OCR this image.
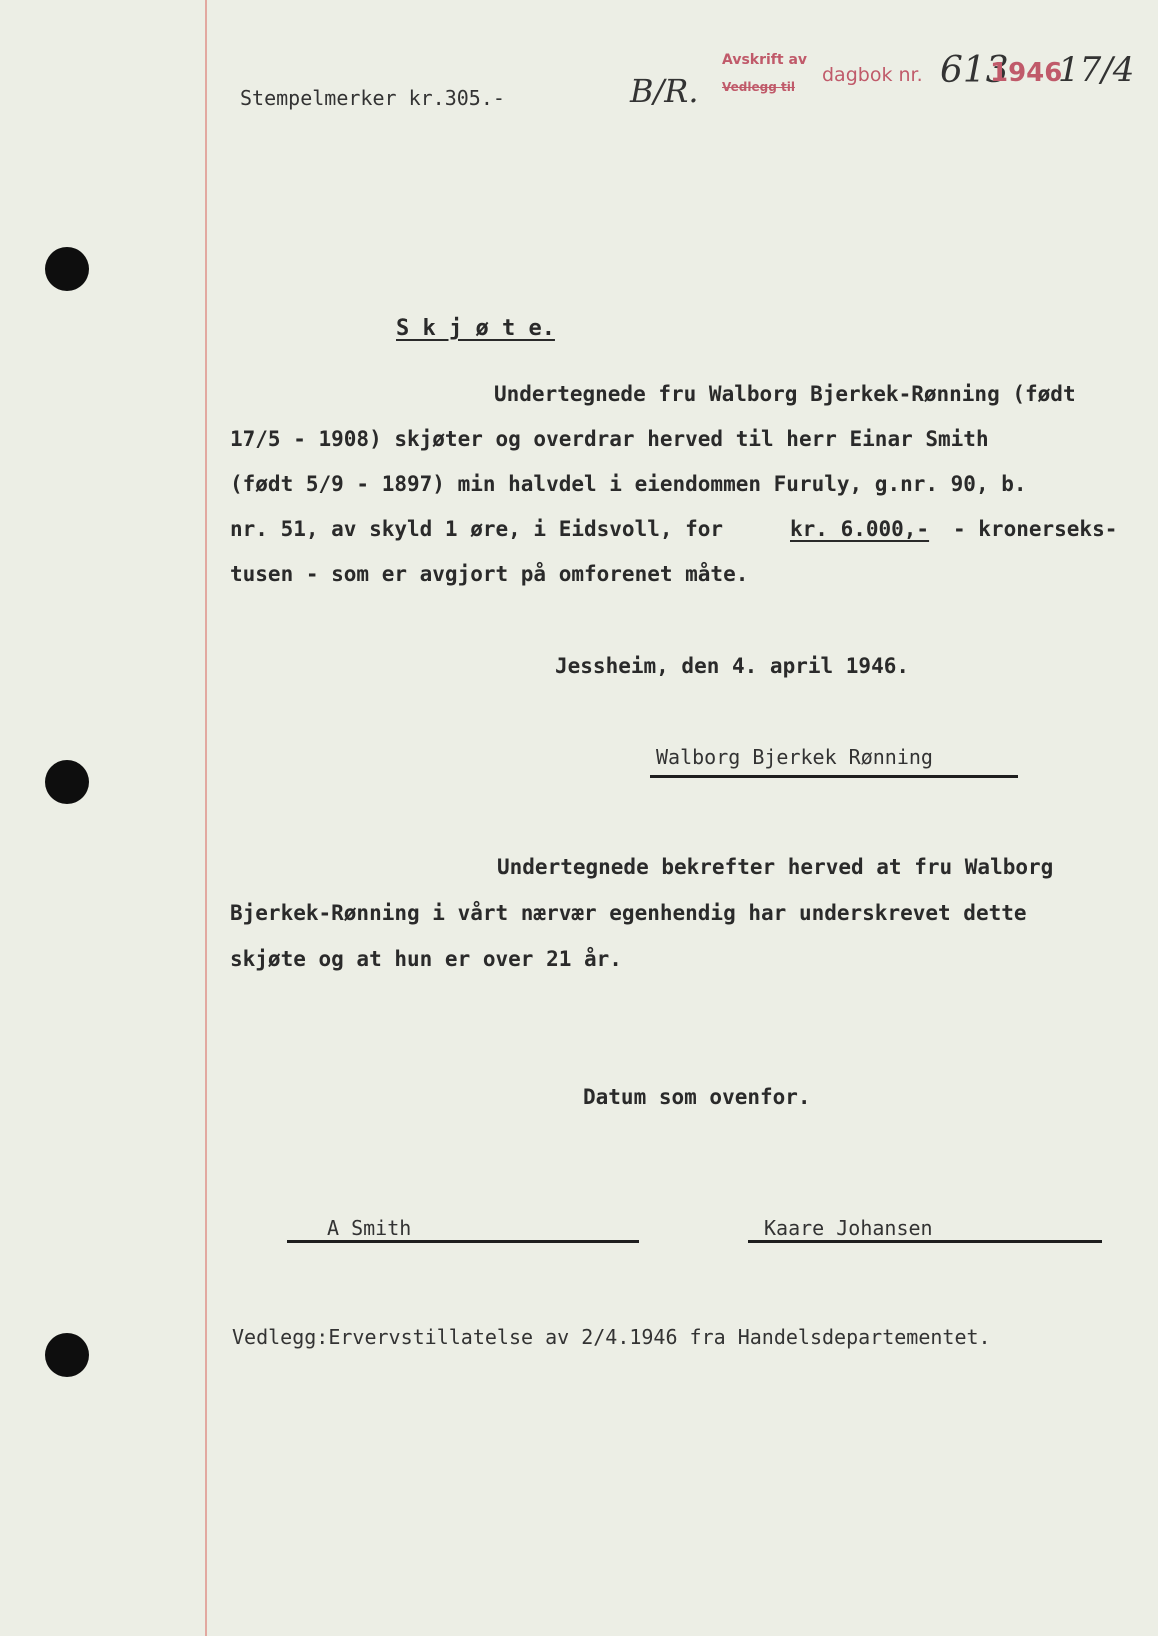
Stempelmerker kr.305.-	B/R.
Avskrift av
Vedlegg til
dagbok nr. 613
1946
17/4
S k j ø t e.
Undertegnede fru Walborg Bjerkek-Rønning (født
17/5 - 1908) skjøter og overdrar herved til herr Einar Smith
(født 5/9 - 1897) min halvdel i eiendommen Furuly, g.nr. 90, b.
nr. 51, av skyld 1 øre, i Eidsvoll, for	kr. 6.000,- - kronerseks-
tusen - som er avgjort på omforenet måte.
Jessheim, den 4. april 1946.
Walborg Bjerkek Rønning
Undertegnede bekrefter herved at fru Walborg
Bjerkek-Rønning i vårt nærvær egenhendig har underskrevet dette
skjøte og at hun er over 21 år.
Datum som ovenfor.
A Smith	Kaare Johansen
Vedlegg:Ervervstillatelse av 2/4.1946 fra Handelsdepartementet.
